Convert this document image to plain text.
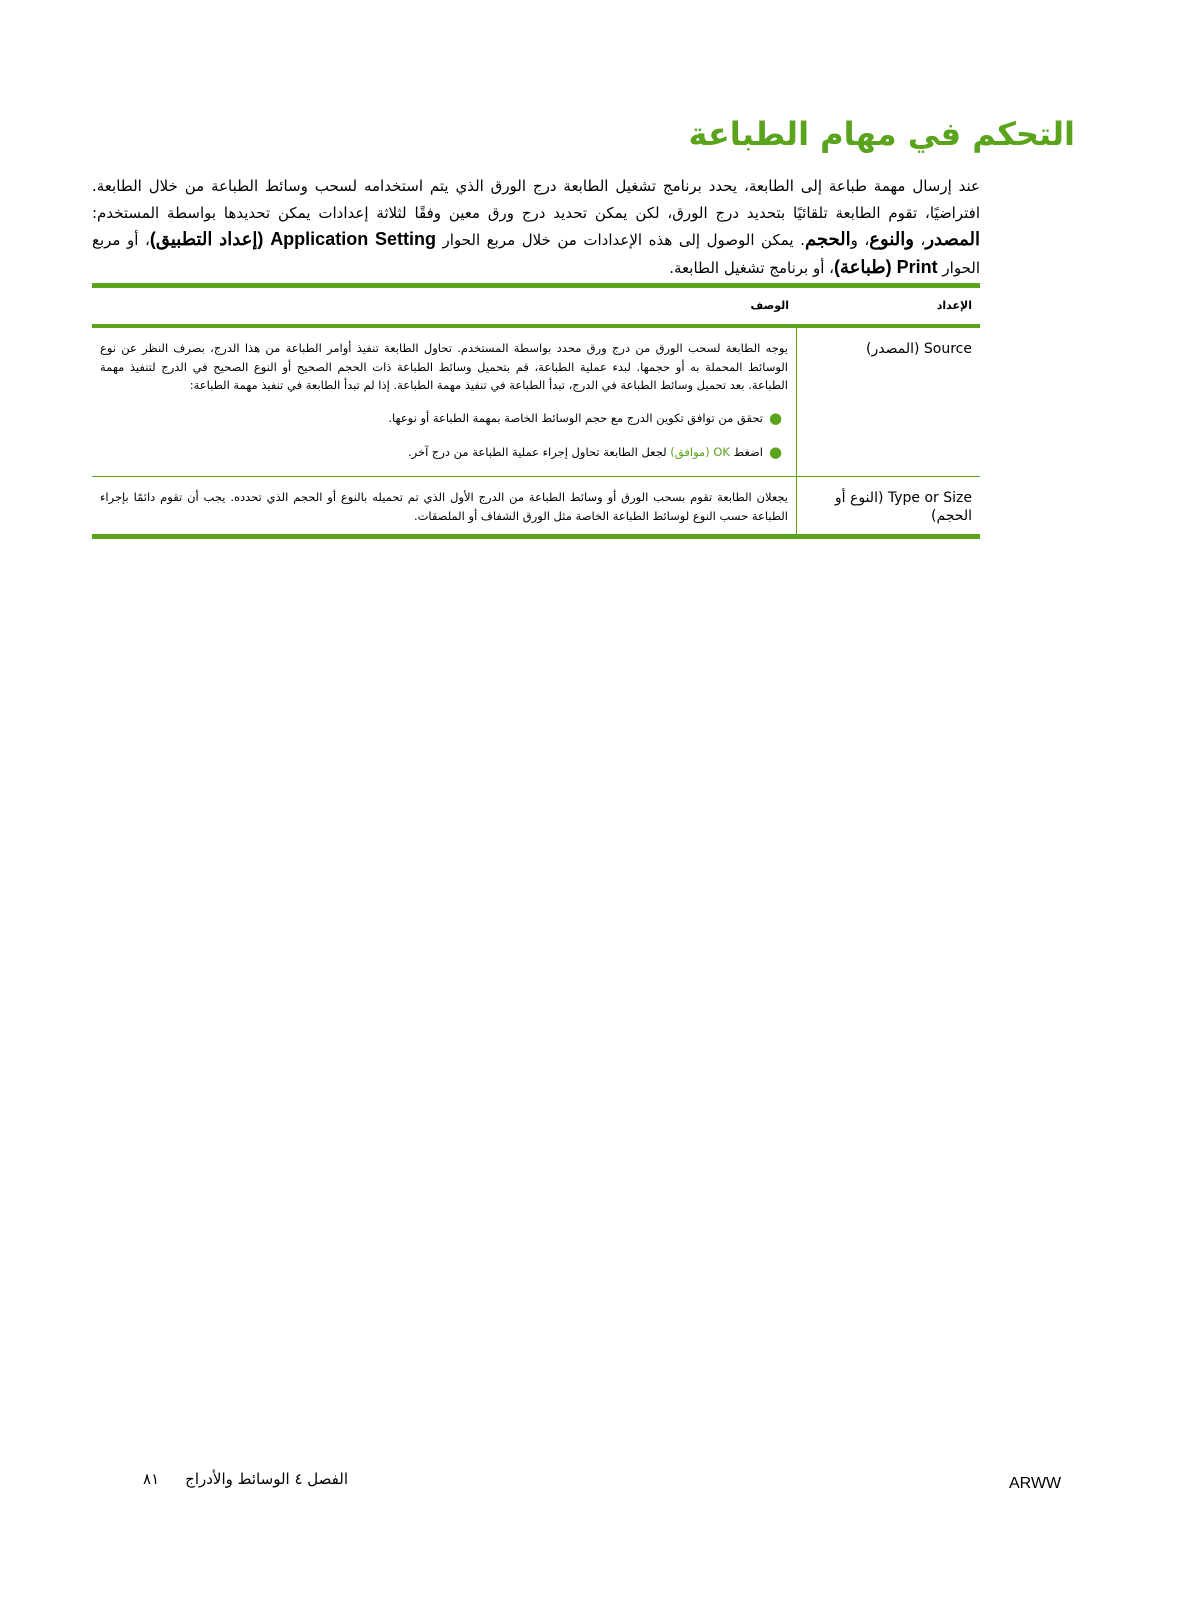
التحكم في مهام الطباعة

عند إرسال مهمة طباعة إلى الطابعة، يحدد برنامج تشغيل الطابعة درج الورق الذي يتم استخدامه لسحب وسائط الطباعة من خلال الطابعة. افتراضيًا، تقوم الطابعة تلقائيًا بتحديد درج الورق، لكن يمكن تحديد درج ورق معين وفقًا لثلاثة إعدادات يمكن تحديدها بواسطة المستخدم: المصدر، والنوع، والحجم. يمكن الوصول إلى هذه الإعدادات من خلال مربع الحوار Application Setting (إعداد التطبيق)، أو مربع الحوار Print (طباعة)، أو برنامج تشغيل الطابعة.

الإعداد
الوصف
Source (المصدر)

يوجه الطابعة لسحب الورق من درج ورق محدد بواسطة المستخدم. تحاول الطابعة تنفيذ أوامر الطباعة من هذا الدرج، بصرف النظر عن نوع الوسائط المحملة به أو حجمها. لبدء عملية الطباعة، قم بتحميل وسائط الطباعة ذات الحجم الصحيح أو النوع الصحيح في الدرج لتنفيذ مهمة الطباعة. بعد تحميل وسائط الطباعة في الدرج، تبدأ الطباعة في تنفيذ مهمة الطباعة. إذا لم تبدأ الطابعة في تنفيذ مهمة الطباعة:

●
تحقق من توافق تكوين الدرج مع حجم الوسائط الخاصة بمهمة الطباعة أو نوعها.
●
اضغط OK (موافق) لجعل الطابعة تحاول إجراء عملية الطباعة من درج آخر.
Type or Size (النوع أو الحجم)

يجعلان الطابعة تقوم بسحب الورق أو وسائط الطباعة من الدرج الأول الذي تم تحميله بالنوع أو الحجم الذي تحدده. يجب أن تقوم دائمًا بإجراء الطباعة حسب النوع لوسائط الطباعة الخاصة مثل الورق الشفاف أو الملصقات.

ARWW
الفصل ٤ الوسائط والأدراج
٨١
